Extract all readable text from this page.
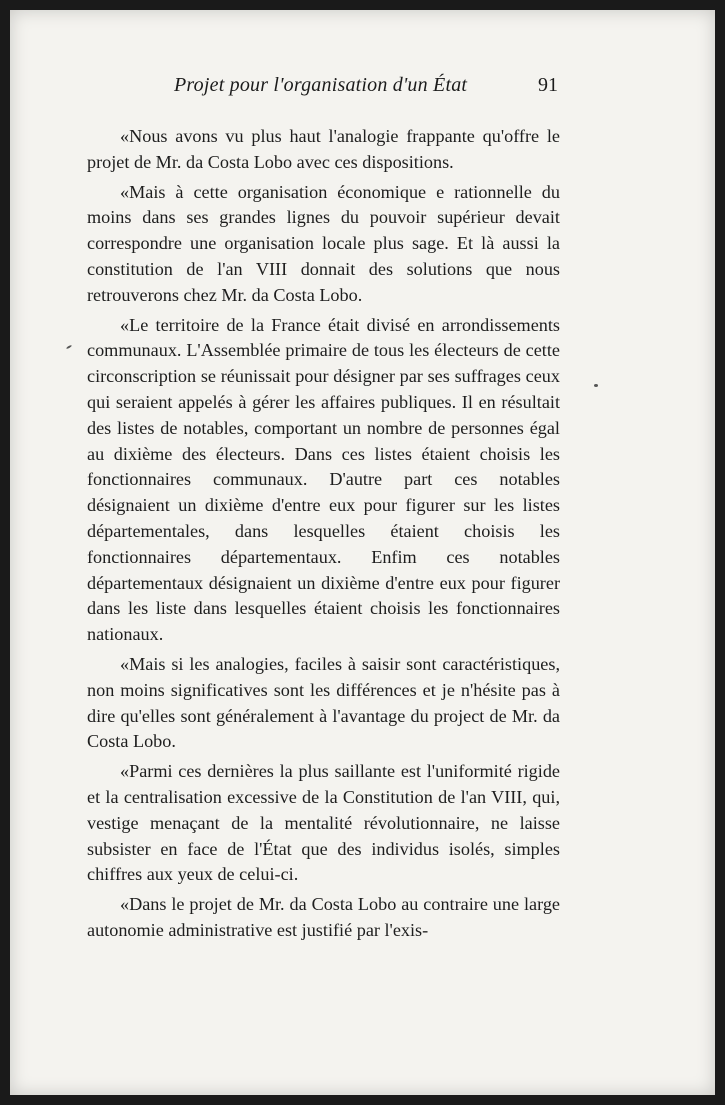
Projet pour l'organisation d'un État	91

«Nous avons vu plus haut l'analogie frappante qu'offre le projet de Mr. da Costa Lobo avec ces dispositions.

«Mais à cette organisation économique e rationnelle du moins dans ses grandes lignes du pouvoir supérieur devait correspondre une organisation locale plus sage. Et là aussi la constitution de l'an VIII donnait des solutions que nous retrouverons chez Mr. da Costa Lobo.

«Le territoire de la France était divisé en arrondissements communaux. L'Assemblée primaire de tous les électeurs de cette circonscription se réunissait pour désigner par ses suffrages ceux qui seraient appelés à gérer les affaires publiques. Il en résultait des listes de notables, comportant un nombre de personnes égal au dixième des électeurs. Dans ces listes étaient choisis les fonctionnaires communaux. D'autre part ces notables désignaient un dixième d'entre eux pour figurer sur les listes départementales, dans lesquelles étaient choisis les fonctionnaires départementaux. Enfim ces notables départementaux désignaient un dixième d'entre eux pour figurer dans les liste dans lesquelles étaient choisis les fonctionnaires nationaux.

«Mais si les analogies, faciles à saisir sont caractéristiques, non moins significatives sont les différences et je n'hésite pas à dire qu'elles sont généralement à l'avantage du project de Mr. da Costa Lobo.

«Parmi ces dernières la plus saillante est l'uniformité rigide et la centralisation excessive de la Constitution de l'an VIII, qui, vestige menaçant de la mentalité révolutionnaire, ne laisse subsister en face de l'État que des individus isolés, simples chiffres aux yeux de celui-ci.

«Dans le projet de Mr. da Costa Lobo au contraire une large autonomie administrative est justifié par l'exis-
